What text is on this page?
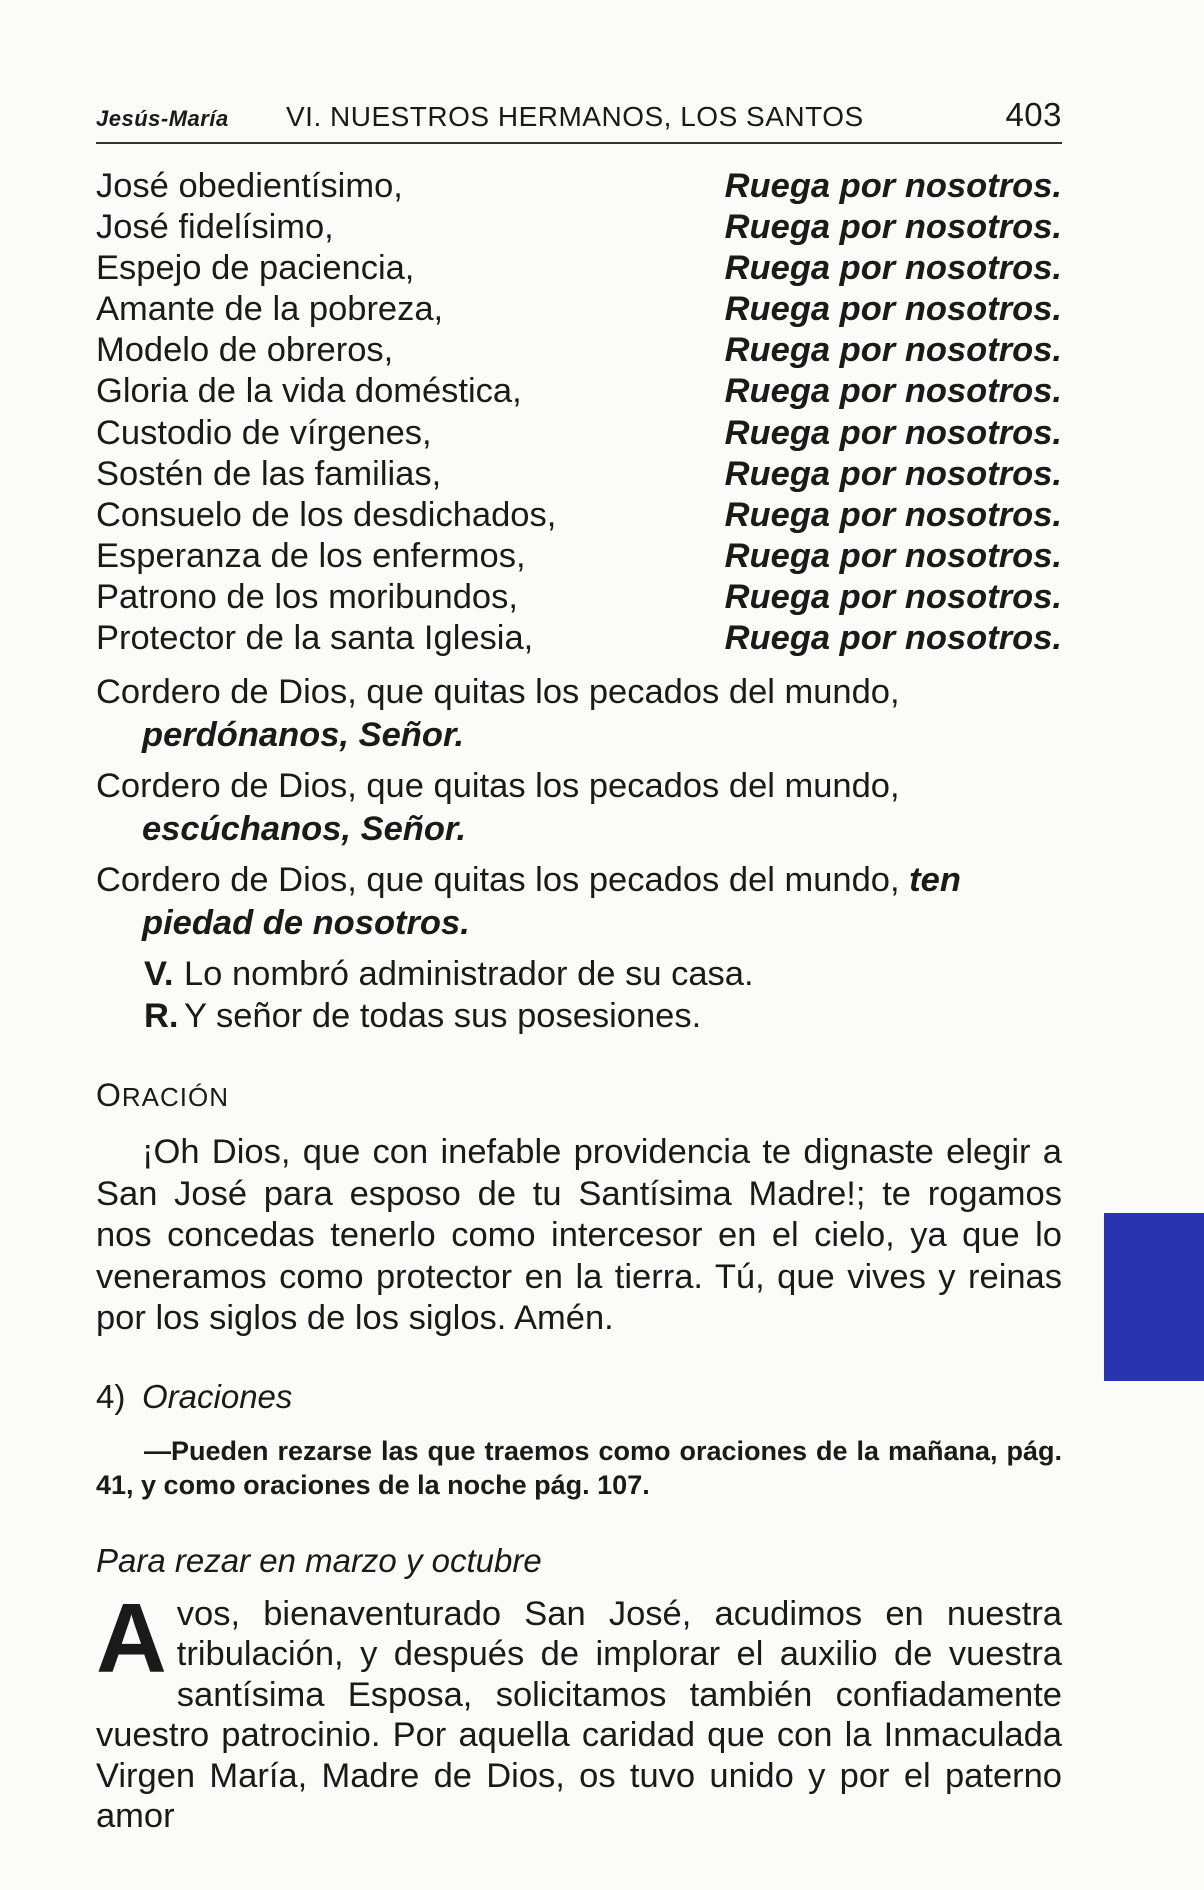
Jesús-María	VI. NUESTROS HERMANOS, LOS SANTOS	403
José obedientísimo,	Ruega por nosotros.
José fidelísimo,	Ruega por nosotros.
Espejo de paciencia,	Ruega por nosotros.
Amante de la pobreza,	Ruega por nosotros.
Modelo de obreros,	Ruega por nosotros.
Gloria de la vida doméstica,	Ruega por nosotros.
Custodio de vírgenes,	Ruega por nosotros.
Sostén de las familias,	Ruega por nosotros.
Consuelo de los desdichados,	Ruega por nosotros.
Esperanza de los enfermos,	Ruega por nosotros.
Patrono de los moribundos,	Ruega por nosotros.
Protector de la santa Iglesia,	Ruega por nosotros.

Cordero de Dios, que quitas los pecados del mundo, perdónanos, Señor.

Cordero de Dios, que quitas los pecados del mundo, escúchanos, Señor.

Cordero de Dios, que quitas los pecados del mundo, ten piedad de nosotros.

V. Lo nombró administrador de su casa.
R. Y señor de todas sus posesiones.
ORACIÓN
¡Oh Dios, que con inefable providencia te dignaste elegir a San José para esposo de tu Santísima Madre!; te rogamos nos concedas tenerlo como intercesor en el cielo, ya que lo veneramos como protector en la tierra. Tú, que vives y reinas por los siglos de los siglos. Amén.
4) Oraciones
—Pueden rezarse las que traemos como oraciones de la mañana, pág. 41, y como oraciones de la noche pág. 107.
Para rezar en marzo y octubre
A vos, bienaventurado San José, acudimos en nuestra tribulación, y después de implorar el auxilio de vuestra santísima Esposa, solicitamos también confiadamente vuestro patrocinio. Por aquella caridad que con la Inmaculada Virgen María, Madre de Dios, os tuvo unido y por el paterno amor
